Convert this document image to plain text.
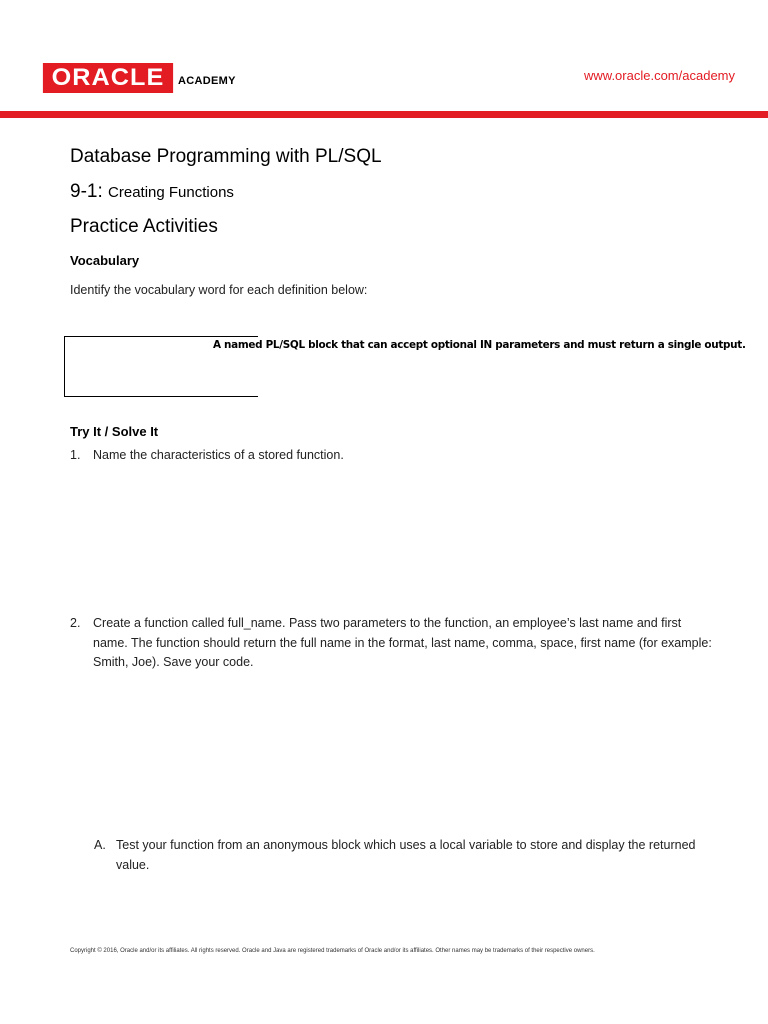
ORACLE	ACADEMY	www.oracle.com/academy
Database Programming with PL/SQL
9-1: Creating Functions
Practice Activities
Vocabulary
Identify the vocabulary word for each definition below:
A named PL/SQL block that can accept optional IN parameters and must return a single output.
Try It / Solve It
1. Name the characteristics of a stored function.
2. Create a function called full_name. Pass two parameters to the function, an employee’s last name and first name. The function should return the full name in the format, last name, comma, space, first name (for example: Smith, Joe). Save your code.
A. Test your function from an anonymous block which uses a local variable to store and display the returned value.
Copyright © 2016, Oracle and/or its affiliates. All rights reserved. Oracle and Java are registered trademarks of Oracle and/or its affiliates. Other names may be trademarks of their respective owners.
